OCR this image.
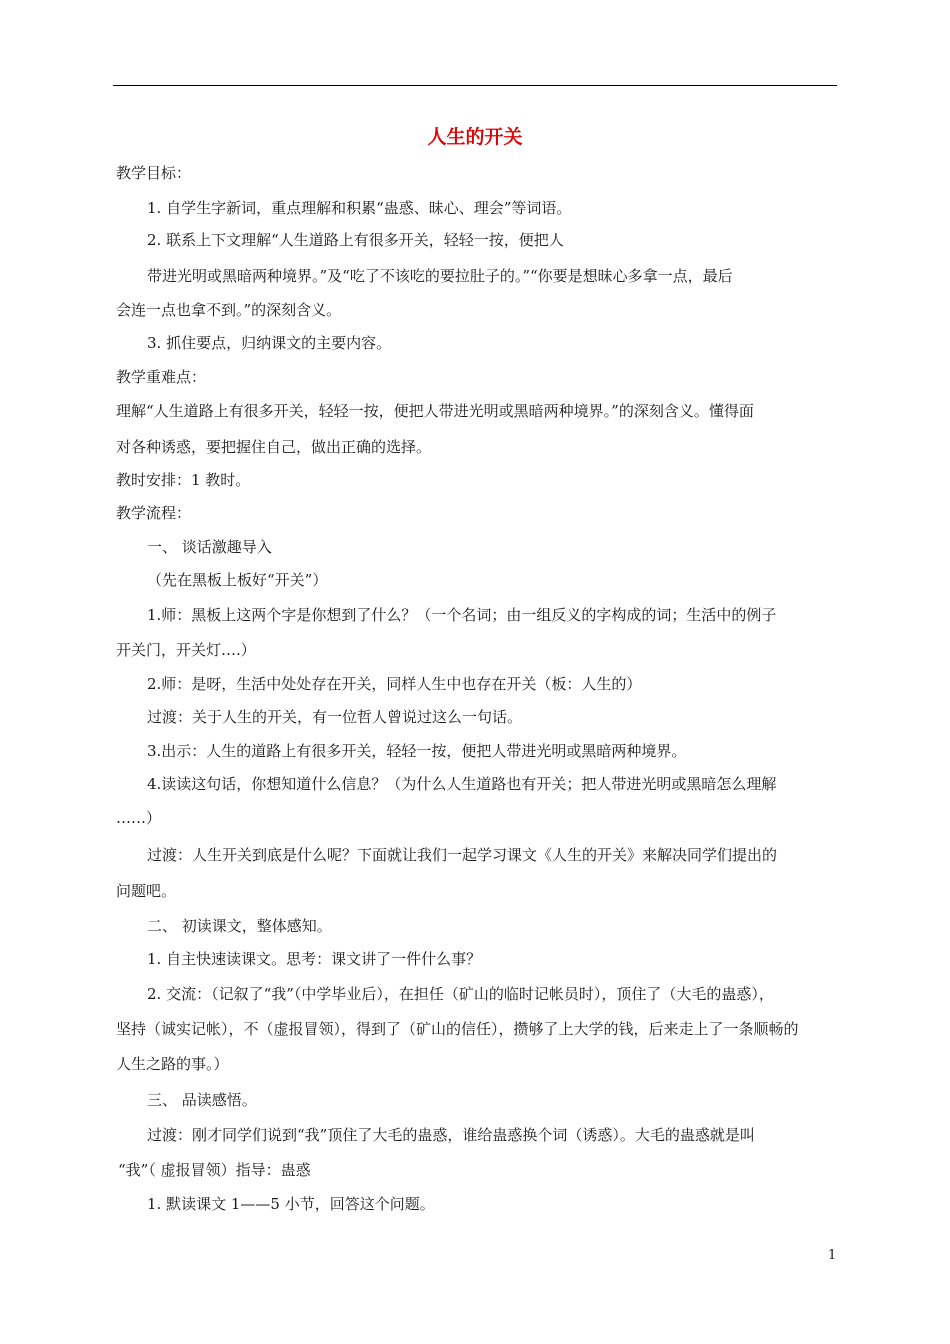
人生的开关
教学目标：
1. 自学生字新词，重点理解和积累“蛊惑、昧心、理会”等词语。
2. 联系上下文理解“人生道路上有很多开关，轻轻一按，便把人
带进光明或黑暗两种境界。”及“吃了不该吃的要拉肚子的。”“你要是想昧心多拿一点，最后
会连一点也拿不到。”的深刻含义。
3. 抓住要点，归纳课文的主要内容。
教学重难点：
理解“人生道路上有很多开关，轻轻一按，便把人带进光明或黑暗两种境界。”的深刻含义。懂得面
对各种诱惑，要把握住自己，做出正确的选择。
教时安排：1 教时。
教学流程：
一、 谈话激趣导入
（先在黑板上板好“开关”）
1.师：黑板上这两个字是你想到了什么？（一个名词；由一组反义的字构成的词；生活中的例子
开关门，开关灯….）
2.师：是呀，生活中处处存在开关，同样人生中也存在开关（板：人生的）
过渡：关于人生的开关，有一位哲人曾说过这么一句话。
3.出示：人生的道路上有很多开关，轻轻一按，便把人带进光明或黑暗两种境界。
4.读读这句话，你想知道什么信息？（为什么人生道路也有开关；把人带进光明或黑暗怎么理解
……）
过渡：人生开关到底是什么呢？下面就让我们一起学习课文《人生的开关》来解决同学们提出的
问题吧。
二、 初读课文，整体感知。
1. 自主快速读课文。思考：课文讲了一件什么事？
2. 交流：（记叙了“我”（中学毕业后），在担任（矿山的临时记帐员时），顶住了（大毛的蛊惑），
坚持（诚实记帐），不（虚报冒领），得到了（矿山的信任），攒够了上大学的钱，后来走上了一条顺畅的
人生之路的事。）
三、 品读感悟。
过渡：刚才同学们说到“我”顶住了大毛的蛊惑，谁给蛊惑换个词（诱惑）。大毛的蛊惑就是叫
“我”（ 虚报冒领）指导：蛊惑
1. 默读课文 1——5 小节，回答这个问题。
1
